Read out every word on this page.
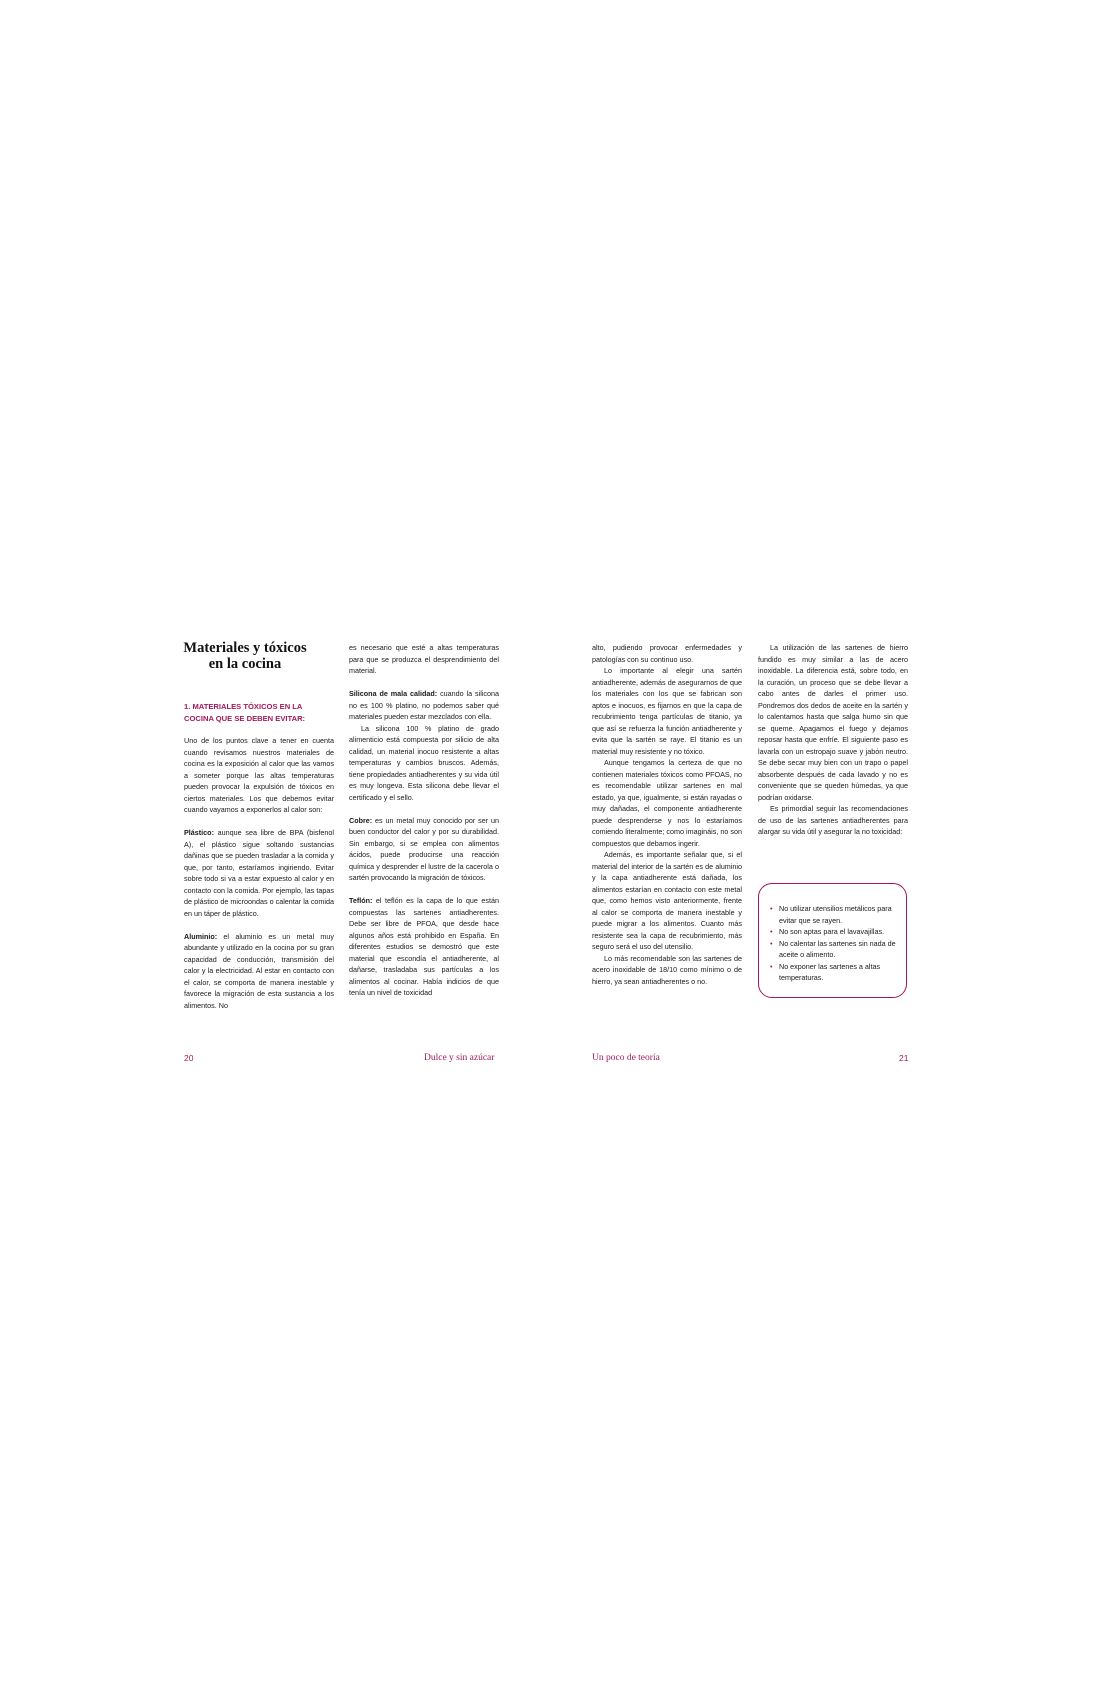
Materiales y tóxicos
en la cocina
1. MATERIALES TÓXICOS EN LA
COCINA QUE SE DEBEN EVITAR:

Uno de los puntos clave a tener en cuenta cuando revisamos nuestros materiales de cocina es la exposición al calor que las vamos a someter porque las altas temperaturas pueden provocar la expulsión de tóxicos en ciertos materiales. Los que debemos evitar cuando vayamos a exponerlos al calor son:

Plástico: aunque sea libre de BPA (bisfenol A), el plástico sigue soltando sustancias dañinas que se pueden trasladar a la comida y que, por tanto, estaríamos ingiriendo. Evitar sobre todo si va a estar expuesto al calor y en contacto con la comida. Por ejemplo, las tapas de plástico de microondas o calentar la comida en un táper de plástico.

Aluminio: el aluminio es un metal muy abundante y utilizado en la cocina por su gran capacidad de conducción, transmisión del calor y la electricidad. Al estar en contacto con el calor, se comporta de manera inestable y favorece la migración de esta sustancia a los alimentos. No

es necesario que esté a altas temperaturas para que se produzca el desprendimiento del material.

Silicona de mala calidad: cuando la silicona no es 100 % platino, no podemos saber qué materiales pueden estar mezclados con ella.

La silicona 100 % platino de grado alimenticio está compuesta por silicio de alta calidad, un material inocuo resistente a altas temperaturas y cambios bruscos. Además, tiene propiedades antiadherentes y su vida útil es muy longeva. Esta silicona debe llevar el certificado y el sello.

Cobre: es un metal muy conocido por ser un buen conductor del calor y por su durabilidad. Sin embargo, si se emplea con alimentos ácidos, puede producirse una reacción química y desprender el lustre de la cacerola o sartén provocando la migración de tóxicos.

Teflón: el teflón es la capa de lo que están compuestas las sartenes antiadherentes. Debe ser libre de PFOA, que desde hace algunos años está prohibido en España. En diferentes estudios se demostró que este material que escondía el antiadherente, al dañarse, trasladaba sus partículas a los alimentos al cocinar. Había indicios de que tenía un nivel de toxicidad

alto, pudiendo provocar enfermedades y patologías con su continuo uso.

Lo importante al elegir una sartén antiadherente, además de asegurarnos de que los materiales con los que se fabrican son aptos e inocuos, es fijarnos en que la capa de recubrimiento tenga partículas de titanio, ya que así se refuerza la función antiadherente y evita que la sartén se raye. El titanio es un material muy resistente y no tóxico.

Aunque tengamos la certeza de que no contienen materiales tóxicos como PFOAS, no es recomendable utilizar sartenes en mal estado, ya que, igualmente, si están rayadas o muy dañadas, el componente antiadherente puede desprenderse y nos lo estaríamos comiendo literalmente; como imagináis, no son compuestos que debamos ingerir.

Además, es importante señalar que, si el material del interior de la sartén es de aluminio y la capa antiadherente está dañada, los alimentos estarían en contacto con este metal que, como hemos visto anteriormente, frente al calor se comporta de manera inestable y puede migrar a los alimentos. Cuanto más resistente sea la capa de recubrimiento, más seguro será el uso del utensilio.

Lo más recomendable son las sartenes de acero inoxidable de 18/10 como mínimo o de hierro, ya sean antiadherentes o no.

La utilización de las sartenes de hierro fundido es muy similar a las de acero inoxidable. La diferencia está, sobre todo, en la curación, un proceso que se debe llevar a cabo antes de darles el primer uso. Pondremos dos dedos de aceite en la sartén y lo calentamos hasta que salga humo sin que se queme. Apagamos el fuego y dejamos reposar hasta que enfríe. El siguiente paso es lavarla con un estropajo suave y jabón neutro. Se debe secar muy bien con un trapo o papel absorbente después de cada lavado y no es conveniente que se queden húmedas, ya que podrían oxidarse.

Es primordial seguir las recomendaciones de uso de las sartenes antiadherentes para alargar su vida útil y asegurar la no toxicidad:

• No utilizar utensilios metálicos para evitar que se rayen.
• No son aptas para el lavavajillas.
• No calentar las sartenes sin nada de aceite o alimento.
• No exponer las sartenes a altas temperaturas.
20	Dulce y sin azúcar	Un poco de teoría	21
